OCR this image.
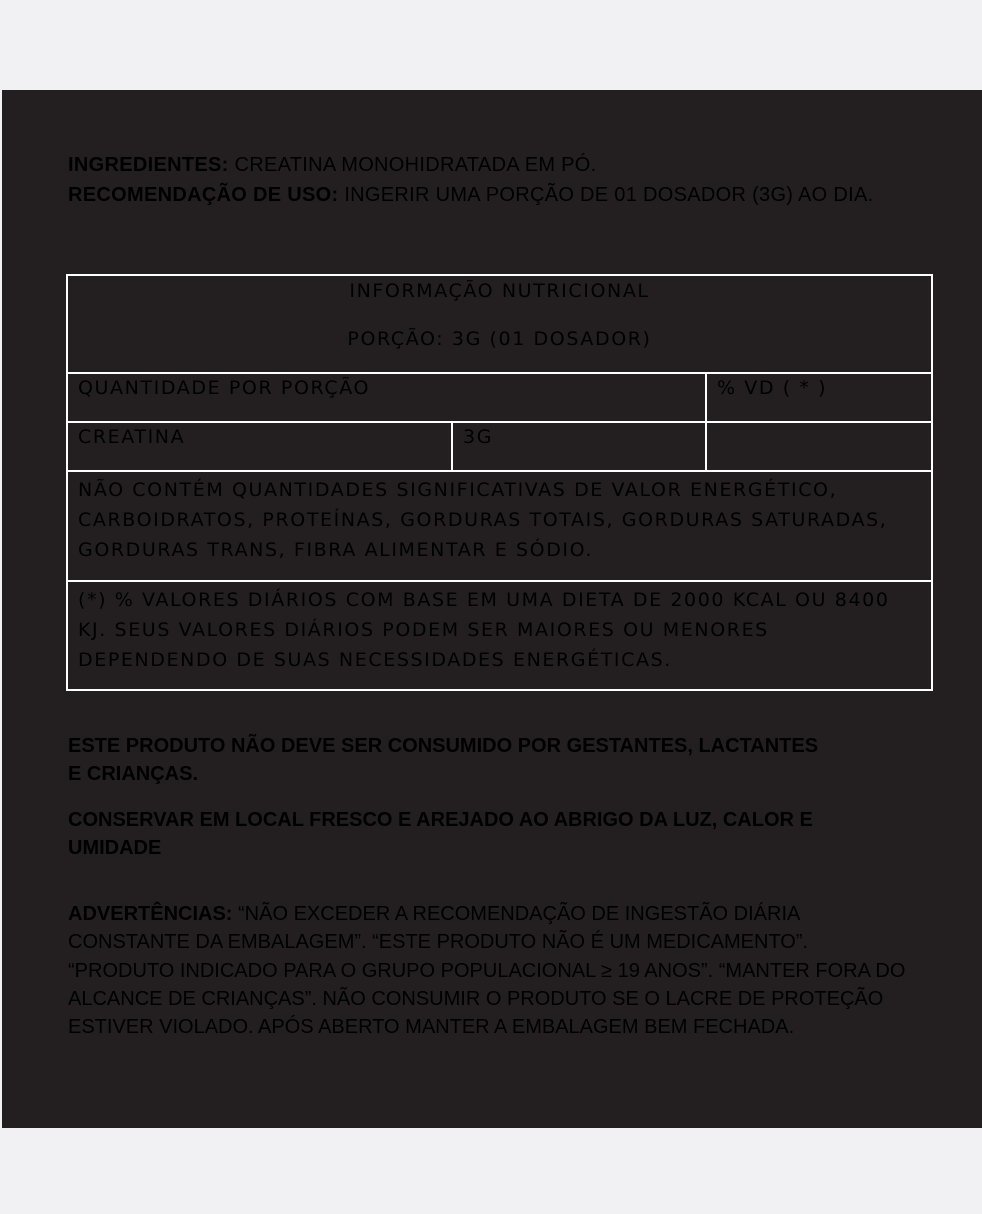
INGREDIENTES: CREATINA MONOHIDRATADA EM PÓ.

RECOMENDAÇÃO DE USO: INGERIR UMA PORÇÃO DE 01 DOSADOR (3G) AO DIA.

INFORMAÇÃO NUTRICIONAL
PORÇÃO: 3G (01 DOSADOR)
QUANTIDADE POR PORÇÃO	% VD ( * )
CREATINA	3G
NÃO CONTÉM QUANTIDADES SIGNIFICATIVAS DE VALOR ENERGÉTICO,
CARBOIDRATOS, PROTEÍNAS, GORDURAS TOTAIS, GORDURAS SATURADAS,
GORDURAS TRANS, FIBRA ALIMENTAR E SÓDIO.
(*) % VALORES DIÁRIOS COM BASE EM UMA DIETA DE 2000 KCAL OU 8400
KJ. SEUS VALORES DIÁRIOS PODEM SER MAIORES OU MENORES
DEPENDENDO DE SUAS NECESSIDADES ENERGÉTICAS.

ESTE PRODUTO NÃO DEVE SER CONSUMIDO POR GESTANTES, LACTANTES E CRIANÇAS.

CONSERVAR EM LOCAL FRESCO E AREJADO AO ABRIGO DA LUZ, CALOR E UMIDADE

ADVERTÊNCIAS: “NÃO EXCEDER A RECOMENDAÇÃO DE INGESTÃO DIÁRIA CONSTANTE DA EMBALAGEM”. “ESTE PRODUTO NÃO É UM MEDICAMENTO”. “PRODUTO INDICADO PARA O GRUPO POPULACIONAL ≥ 19 ANOS”. “MANTER FORA DO ALCANCE DE CRIANÇAS”. NÃO CONSUMIR O PRODUTO SE O LACRE DE PROTEÇÃO ESTIVER VIOLADO. APÓS ABERTO MANTER A EMBALAGEM BEM FECHADA.
